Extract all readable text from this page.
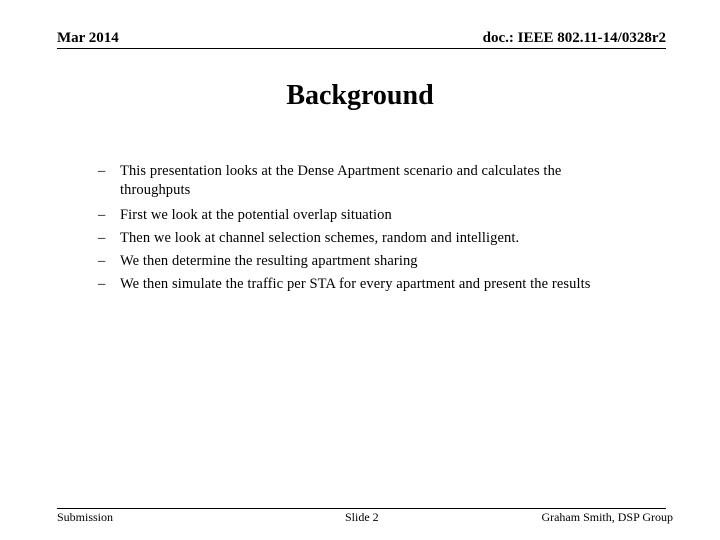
Mar 2014	doc.: IEEE 802.11-14/0328r2
Background
– This presentation looks at the Dense Apartment scenario and calculates the throughputs
– First we look at the potential overlap situation
– Then we look at channel selection schemes, random and intelligent.
– We then determine the resulting apartment sharing
– We then simulate the traffic per STA for every apartment and present the results
Submission	Slide 2	Graham Smith, DSP Group
